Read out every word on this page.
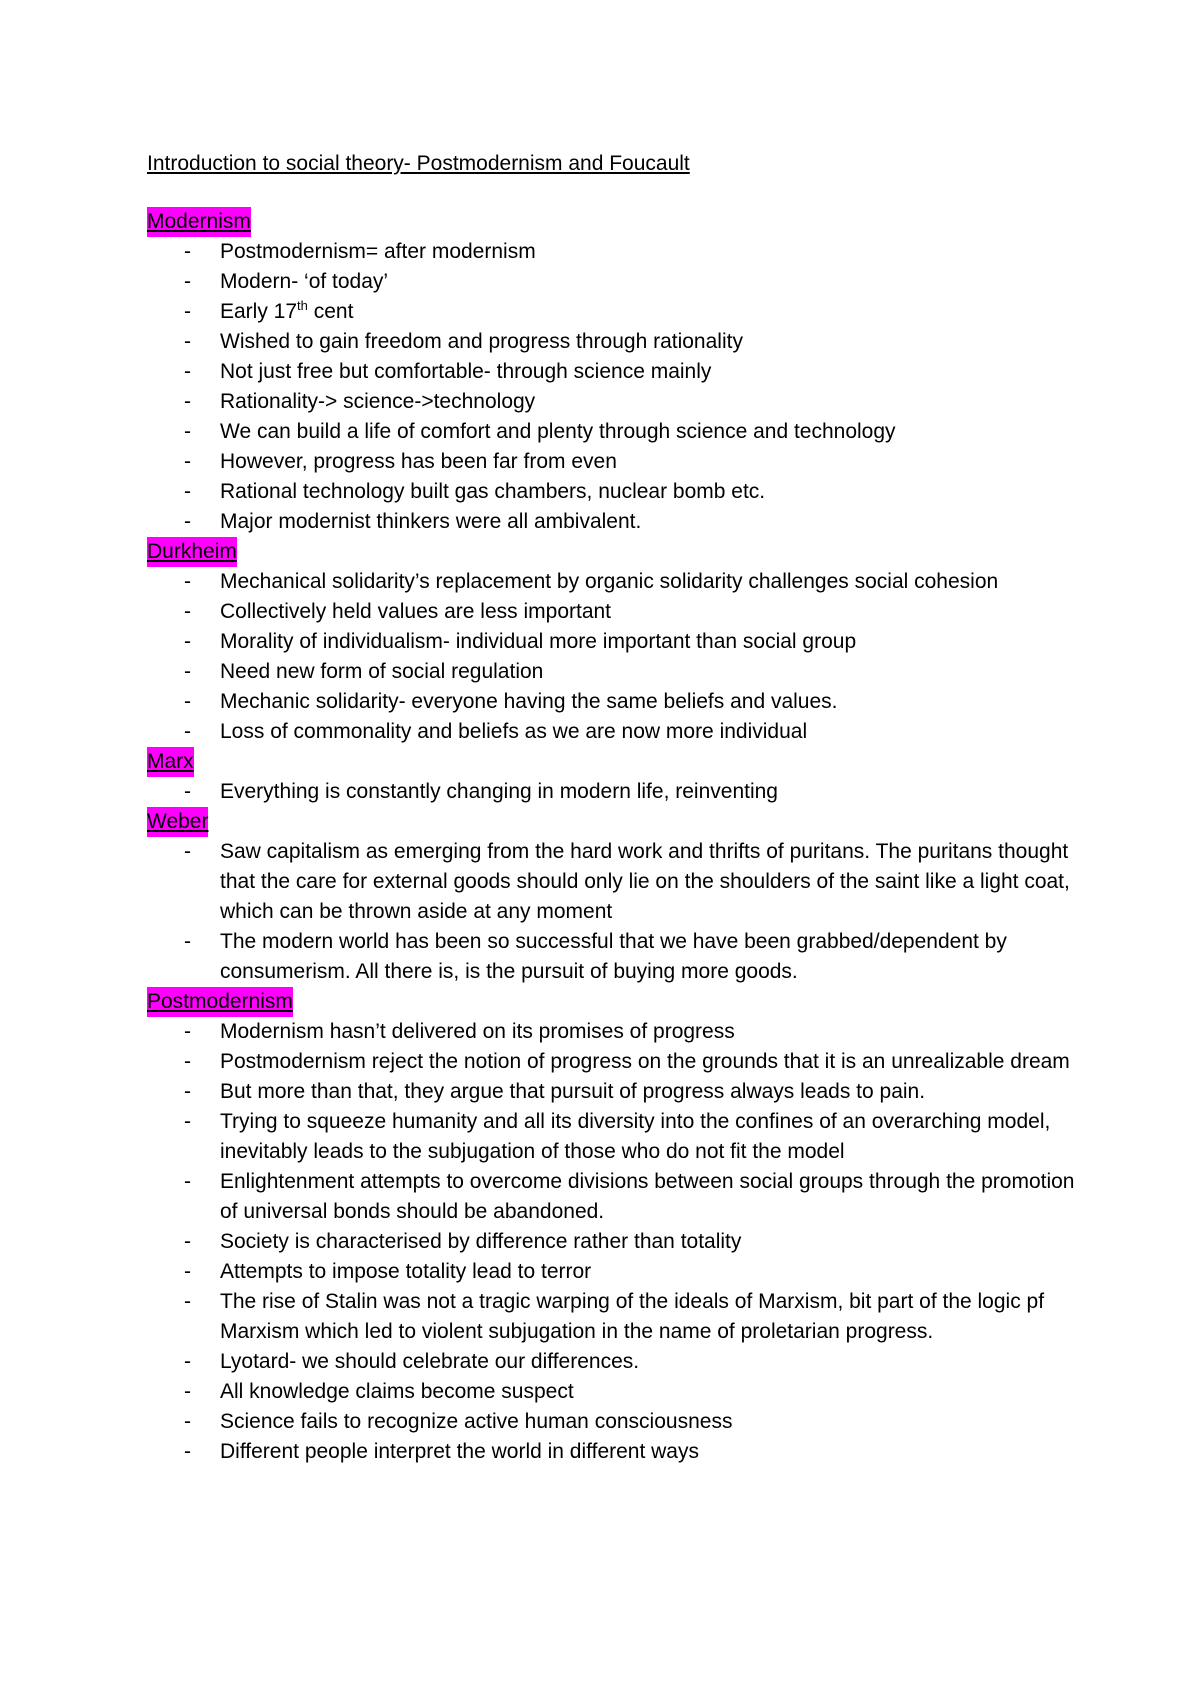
Introduction to social theory- Postmodernism and Foucault
Modernism
- Postmodernism= after modernism
- Modern- ‘of today’
- Early 17th cent
- Wished to gain freedom and progress through rationality
- Not just free but comfortable- through science mainly
- Rationality-> science->technology
- We can build a life of comfort and plenty through science and technology
- However, progress has been far from even
- Rational technology built gas chambers, nuclear bomb etc.
- Major modernist thinkers were all ambivalent.
Durkheim
- Mechanical solidarity’s replacement by organic solidarity challenges social cohesion
- Collectively held values are less important
- Morality of individualism- individual more important than social group
- Need new form of social regulation
- Mechanic solidarity- everyone having the same beliefs and values.
- Loss of commonality and beliefs as we are now more individual
Marx
- Everything is constantly changing in modern life, reinventing
Weber
- Saw capitalism as emerging from the hard work and thrifts of puritans. The puritans thought that the care for external goods should only lie on the shoulders of the saint like a light coat, which can be thrown aside at any moment
- The modern world has been so successful that we have been grabbed/dependent by consumerism. All there is, is the pursuit of buying more goods.
Postmodernism
- Modernism hasn’t delivered on its promises of progress
- Postmodernism reject the notion of progress on the grounds that it is an unrealizable dream
- But more than that, they argue that pursuit of progress always leads to pain.
- Trying to squeeze humanity and all its diversity into the confines of an overarching model, inevitably leads to the subjugation of those who do not fit the model
- Enlightenment attempts to overcome divisions between social groups through the promotion of universal bonds should be abandoned.
- Society is characterised by difference rather than totality
- Attempts to impose totality lead to terror
- The rise of Stalin was not a tragic warping of the ideals of Marxism, bit part of the logic pf Marxism which led to violent subjugation in the name of proletarian progress.
- Lyotard- we should celebrate our differences.
- All knowledge claims become suspect
- Science fails to recognize active human consciousness
- Different people interpret the world in different ways
